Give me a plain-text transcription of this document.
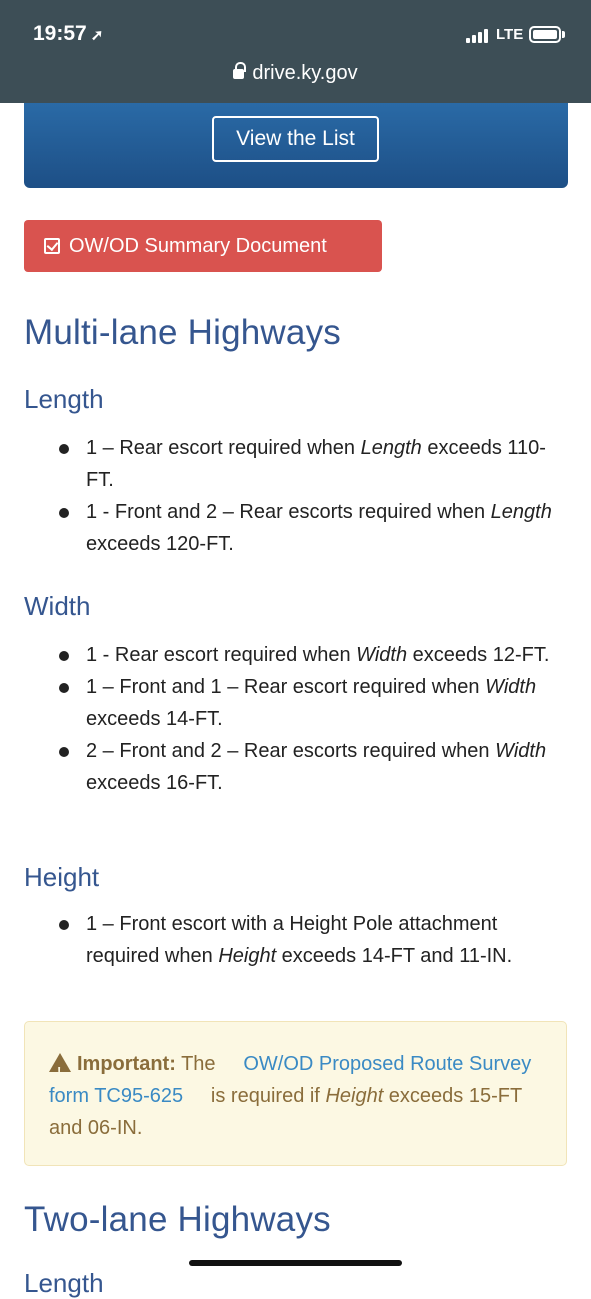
19:57 ➚	LTE
drive.ky.gov
View the List
OW/OD Summary Document
Multi-lane Highways
Length
1 – Rear escort required when Length exceeds 110-FT.
1 - Front and 2 – Rear escorts required when Length exceeds 120-FT.
Width
1 - Rear escort required when Width exceeds 12-FT.
1 – Front and 1 – Rear escort required when Width exceeds 14-FT.
2 – Front and 2 – Rear escorts required when Width exceeds 16-FT.
Height
1 – Front escort with a Height Pole attachment required when Height exceeds 14-FT and 11-IN.
!Important: The     OW/OD Proposed Route Survey form TC95-625     is required if Height exceeds 15-FT and 06-IN.
Two-lane Highways
Length
